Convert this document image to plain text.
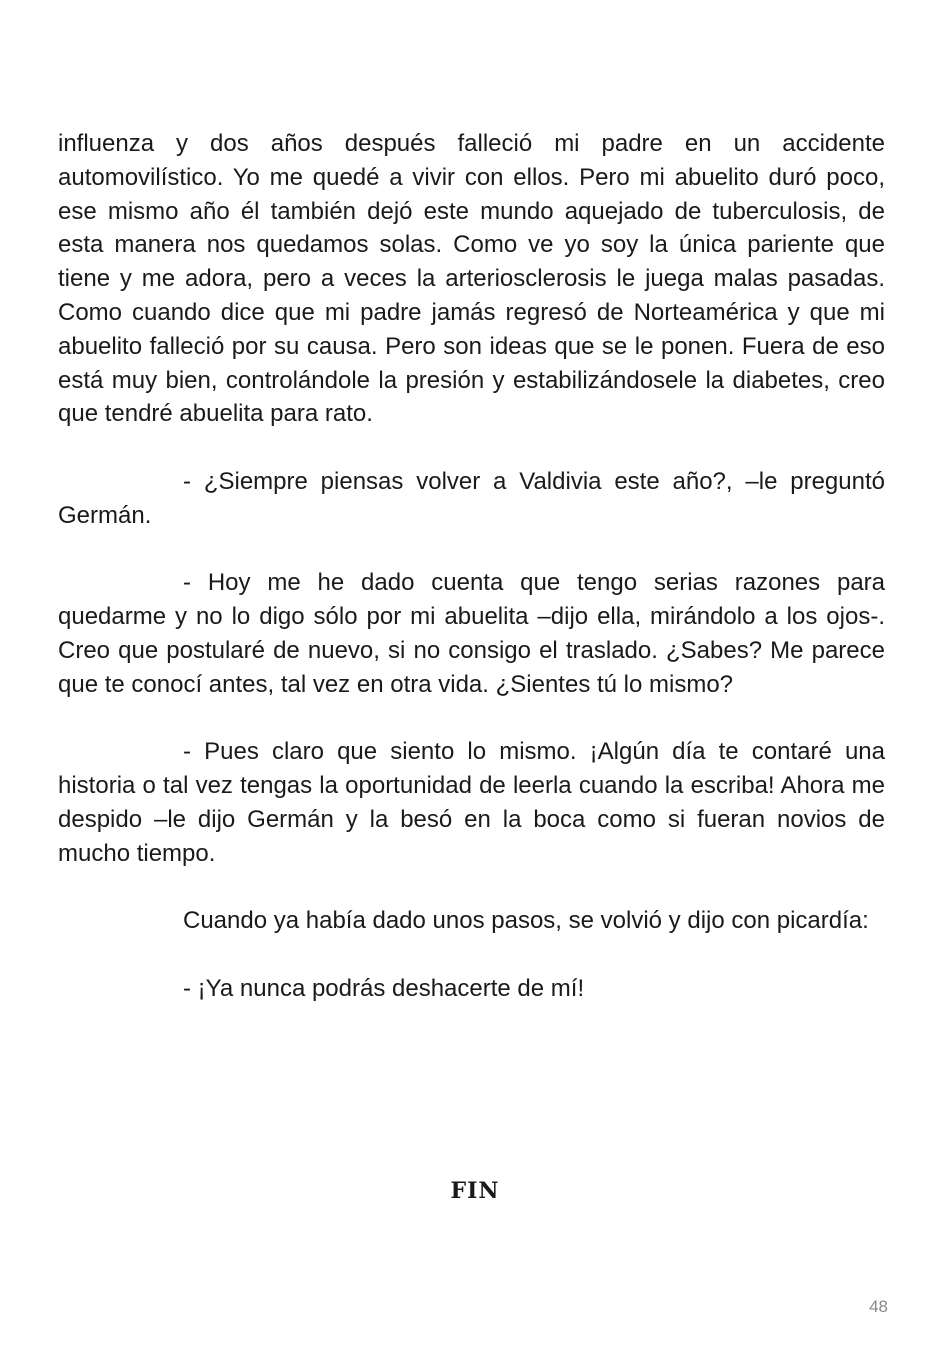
influenza y dos años después falleció mi padre en un accidente automovilístico. Yo me quedé a vivir con ellos. Pero mi abuelito duró poco, ese mismo año él también dejó este mundo aquejado de tuberculosis, de esta manera nos quedamos solas. Como ve yo soy la única pariente que tiene y me adora, pero a veces la arteriosclerosis le juega malas pasadas. Como cuando dice que mi padre jamás regresó de Norteamérica y que mi abuelito falleció por su causa. Pero son ideas que se le ponen. Fuera de eso está muy bien, controlándole la presión y estabilizándosele la diabetes, creo que tendré abuelita para rato.

- ¿Siempre piensas volver a Valdivia este año?, –le preguntó Germán.

- Hoy me he dado cuenta que tengo serias razones para quedarme y no lo digo sólo por mi abuelita –dijo ella, mirándolo a los ojos-. Creo que postularé de nuevo, si no consigo el traslado. ¿Sabes? Me parece que te conocí antes, tal vez en otra vida. ¿Sientes tú lo mismo?

- Pues claro que siento lo mismo. ¡Algún día te contaré una historia o tal vez tengas la oportunidad de leerla cuando la escriba! Ahora me despido –le dijo Germán y la besó en la boca como si fueran novios de mucho tiempo.

Cuando ya había dado unos pasos, se volvió y dijo con picardía:

- ¡Ya nunca podrás deshacerte de mí!

FIN
48
